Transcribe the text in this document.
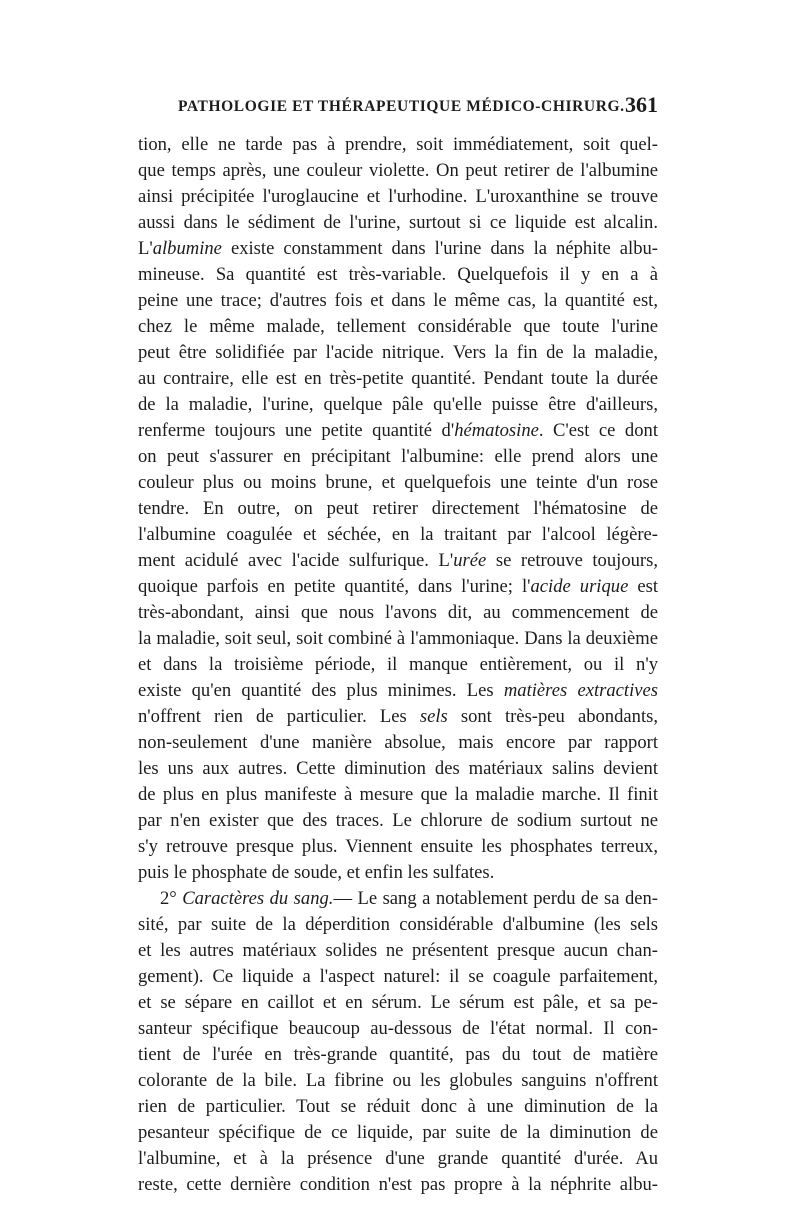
PATHOLOGIE ET THÉRAPEUTIQUE MÉDICO-CHIRURG. 361
tion, elle ne tarde pas à prendre, soit immédiatement, soit quel-
que temps après, une couleur violette. On peut retirer de l'albumine
ainsi précipitée l'uroglaucine et l'urhodine. L'uroxanthine se trouve
aussi dans le sédiment de l'urine, surtout si ce liquide est alcalin.
L'albumine existe constamment dans l'urine dans la néphite albu-
mineuse. Sa quantité est très-variable. Quelquefois il y en a à
peine une trace; d'autres fois et dans le même cas, la quantité est,
chez le même malade, tellement considérable que toute l'urine
peut être solidifiée par l'acide nitrique. Vers la fin de la maladie,
au contraire, elle est en très-petite quantité. Pendant toute la durée
de la maladie, l'urine, quelque pâle qu'elle puisse être d'ailleurs,
renferme toujours une petite quantité d'hématosine. C'est ce dont
on peut s'assurer en précipitant l'albumine: elle prend alors une
couleur plus ou moins brune, et quelquefois une teinte d'un rose
tendre. En outre, on peut retirer directement l'hématosine de
l'albumine coagulée et séchée, en la traitant par l'alcool légère-
ment acidulé avec l'acide sulfurique. L'urée se retrouve toujours,
quoique parfois en petite quantité, dans l'urine; l'acide urique est
très-abondant, ainsi que nous l'avons dit, au commencement de
la maladie, soit seul, soit combiné à l'ammoniaque. Dans la deuxième
et dans la troisième période, il manque entièrement, ou il n'y
existe qu'en quantité des plus minimes. Les matières extractives
n'offrent rien de particulier. Les sels sont très-peu abondants,
non-seulement d'une manière absolue, mais encore par rapport
les uns aux autres. Cette diminution des matériaux salins devient
de plus en plus manifeste à mesure que la maladie marche. Il finit
par n'en exister que des traces. Le chlorure de sodium surtout ne
s'y retrouve presque plus. Viennent ensuite les phosphates terreux,
puis le phosphate de soude, et enfin les sulfates.
2° Caractères du sang.— Le sang a notablement perdu de sa den-
sité, par suite de la déperdition considérable d'albumine (les sels
et les autres matériaux solides ne présentent presque aucun chan-
gement). Ce liquide a l'aspect naturel: il se coagule parfaitement,
et se sépare en caillot et en sérum. Le sérum est pâle, et sa pe-
santeur spécifique beaucoup au-dessous de l'état normal. Il con-
tient de l'urée en très-grande quantité, pas du tout de matière
colorante de la bile. La fibrine ou les globules sanguins n'offrent
rien de particulier. Tout se réduit donc à une diminution de la
pesanteur spécifique de ce liquide, par suite de la diminution de
l'albumine, et à la présence d'une grande quantité d'urée. Au
reste, cette dernière condition n'est pas propre à la néphrite albu-
